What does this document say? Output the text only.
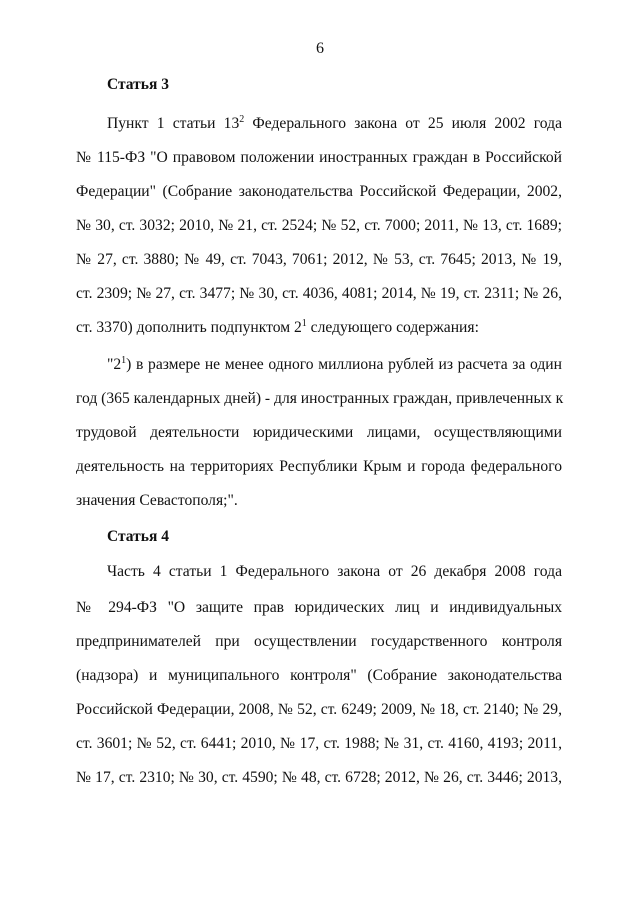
6
Статья 3
Пункт 1 статьи $13^2$ Федерального закона от 25 июля 2002 года
№ 115-ФЗ "О правовом положении иностранных граждан в Российской
Федерации" (Собрание законодательства Российской Федерации, 2002,
№ 30, ст. 3032; 2010, № 21, ст. 2524; № 52, ст. 7000; 2011, № 13, ст. 1689;
№ 27, ст. 3880; № 49, ст. 7043, 7061; 2012, № 53, ст. 7645; 2013, № 19,
ст. 2309; № 27, ст. 3477; № 30, ст. 4036, 4081; 2014, № 19, ст. 2311; № 26,
ст. 3370) дополнить подпунктом $2^1$ следующего содержания:
"$2^1$) в размере не менее одного миллиона рублей из расчета за один
год (365 календарных дней) - для иностранных граждан, привлеченных к
трудовой деятельности юридическими лицами, осуществляющими
деятельность на территориях Республики Крым и города федерального
значения Севастополя;".
Статья 4
Часть 4 статьи 1 Федерального закона от 26 декабря 2008 года
№ 294-ФЗ "О защите прав юридических лиц и индивидуальных
предпринимателей при осуществлении государственного контроля
(надзора) и муниципального контроля" (Собрание законодательства
Российской Федерации, 2008, № 52, ст. 6249; 2009, № 18, ст. 2140; № 29,
ст. 3601; № 52, ст. 6441; 2010, № 17, ст. 1988; № 31, ст. 4160, 4193; 2011,
№ 17, ст. 2310; № 30, ст. 4590; № 48, ст. 6728; 2012, № 26, ст. 3446; 2013,
